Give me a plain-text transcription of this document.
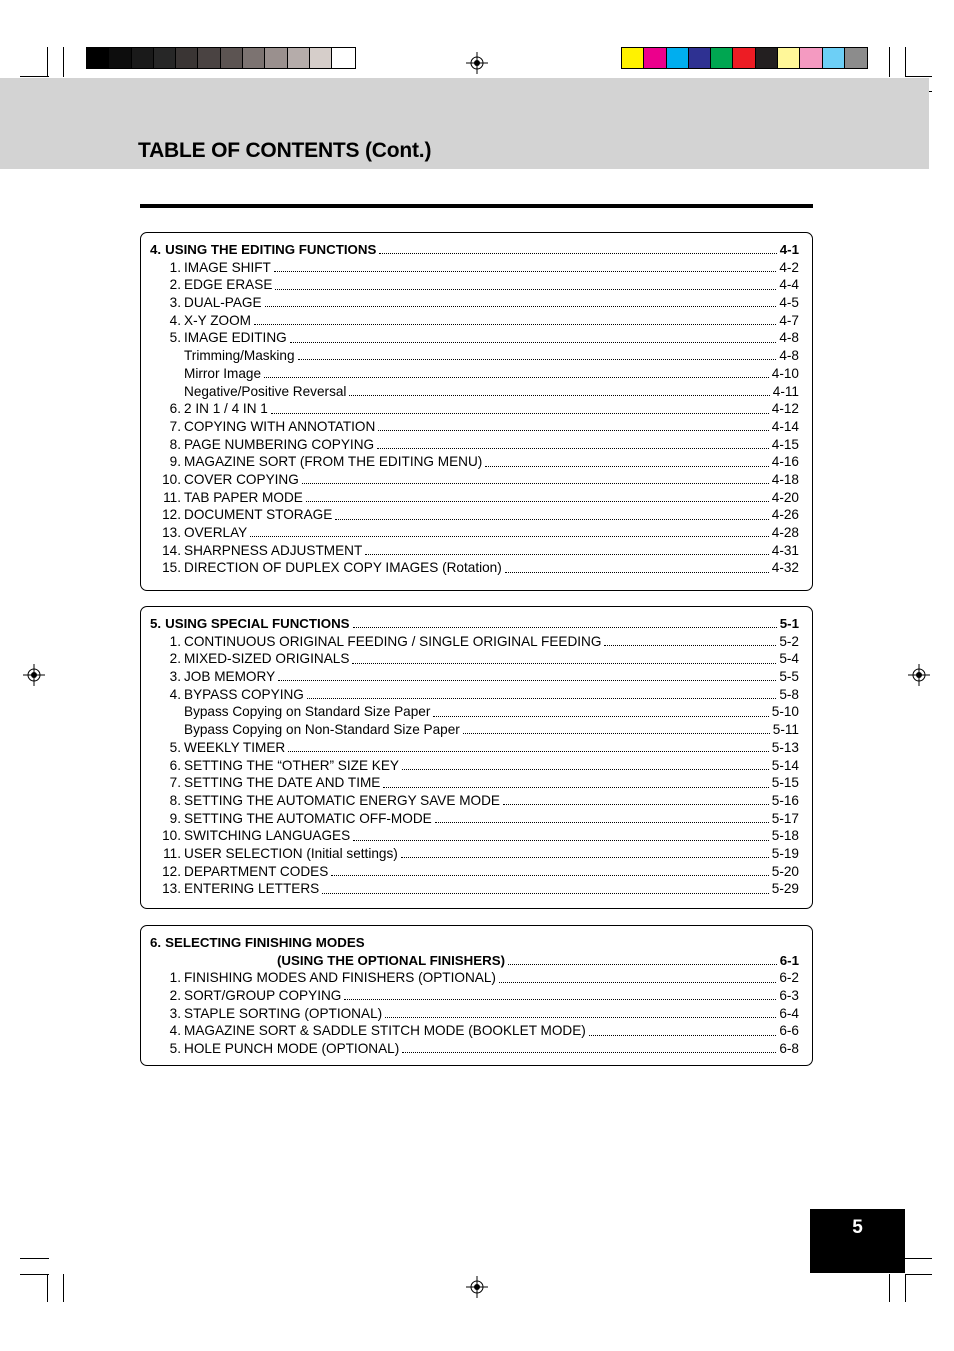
TABLE OF CONTENTS (Cont.)
4. USING THE EDITING FUNCTIONS	4-1
1. IMAGE SHIFT	4-2
2. EDGE ERASE	4-4
3. DUAL-PAGE	4-5
4. X-Y ZOOM	4-7
5. IMAGE EDITING	4-8
Trimming/Masking	4-8
Mirror Image	4-10
Negative/Positive Reversal	4-11
6. 2 IN 1 / 4 IN 1	4-12
7. COPYING WITH ANNOTATION	4-14
8. PAGE NUMBERING COPYING	4-15
9. MAGAZINE SORT (FROM THE EDITING MENU)	4-16
10. COVER COPYING	4-18
11. TAB PAPER MODE	4-20
12. DOCUMENT STORAGE	4-26
13. OVERLAY	4-28
14. SHARPNESS ADJUSTMENT	4-31
15. DIRECTION OF DUPLEX COPY IMAGES (Rotation)	4-32
5. USING SPECIAL FUNCTIONS	5-1
1. CONTINUOUS ORIGINAL FEEDING / SINGLE ORIGINAL FEEDING	5-2
2. MIXED-SIZED ORIGINALS	5-4
3. JOB MEMORY	5-5
4. BYPASS COPYING	5-8
Bypass Copying on Standard Size Paper	5-10
Bypass Copying on Non-Standard Size Paper	5-11
5. WEEKLY TIMER	5-13
6. SETTING THE “OTHER” SIZE KEY	5-14
7. SETTING THE DATE AND TIME	5-15
8. SETTING THE AUTOMATIC ENERGY SAVE MODE	5-16
9. SETTING THE AUTOMATIC OFF-MODE	5-17
10. SWITCHING LANGUAGES	5-18
11. USER SELECTION (Initial settings)	5-19
12. DEPARTMENT CODES	5-20
13. ENTERING LETTERS	5-29
6. SELECTING FINISHING MODES
(USING THE OPTIONAL FINISHERS)	6-1
1. FINISHING MODES AND FINISHERS (OPTIONAL)	6-2
2. SORT/GROUP COPYING	6-3
3. STAPLE SORTING (OPTIONAL)	6-4
4. MAGAZINE SORT & SADDLE STITCH MODE (BOOKLET MODE)	6-6
5. HOLE PUNCH MODE (OPTIONAL)	6-8
5
